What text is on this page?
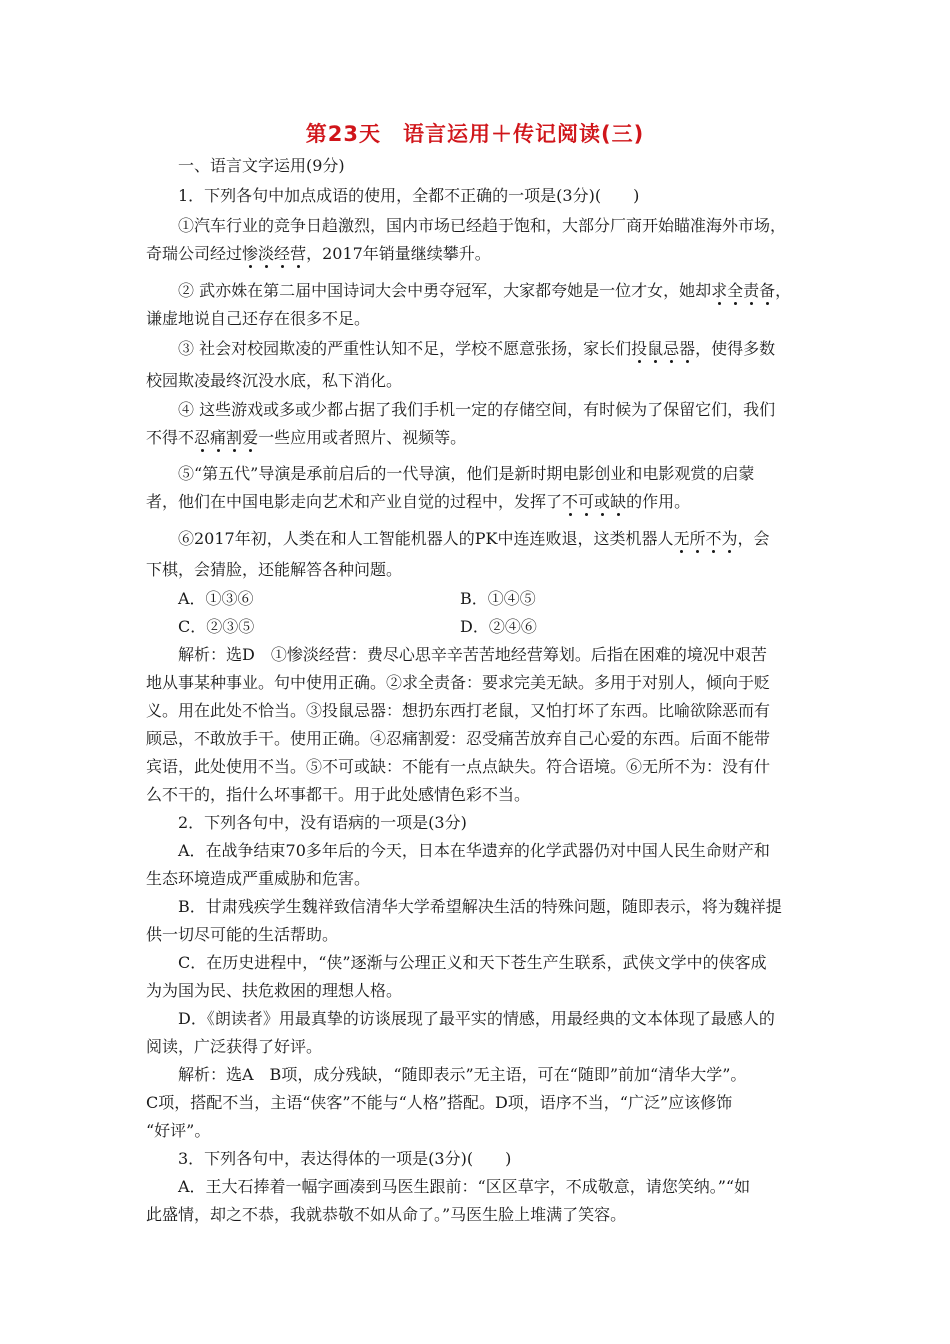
第23天 语言运用＋传记阅读(三)
一、语言文字运用(9分)
1．下列各句中加点成语的使用，全都不正确的一项是(3分)(　　)
①汽车行业的竞争日趋激烈，国内市场已经趋于饱和，大部分厂商开始瞄准海外市场，
奇瑞公司经过惨淡经营，2017年销量继续攀升。
② 武亦姝在第二届中国诗词大会中勇夺冠军，大家都夸她是一位才女，她却求全责备，
谦虚地说自己还存在很多不足。
③ 社会对校园欺凌的严重性认知不足，学校不愿意张扬，家长们投鼠忌器，使得多数
校园欺凌最终沉没水底，私下消化。
④ 这些游戏或多或少都占据了我们手机一定的存储空间，有时候为了保留它们，我们
不得不忍痛割爱一些应用或者照片、视频等。
⑤“第五代”导演是承前启后的一代导演，他们是新时期电影创业和电影观赏的启蒙
者，他们在中国电影走向艺术和产业自觉的过程中，发挥了不可或缺的作用。
⑥2017年初，人类在和人工智能机器人的PK中连连败退，这类机器人无所不为，会
下棋，会猜脸，还能解答各种问题。
A．①③⑥	B．①④⑤
C．②③⑤	D．②④⑥
解析：选D　①惨淡经营：费尽心思辛辛苦苦地经营筹划。后指在困难的境况中艰苦
地从事某种事业。句中使用正确。②求全责备：要求完美无缺。多用于对别人，倾向于贬
义。用在此处不恰当。③投鼠忌器：想扔东西打老鼠，又怕打坏了东西。比喻欲除恶而有
顾忌，不敢放手干。使用正确。④忍痛割爱：忍受痛苦放弃自己心爱的东西。后面不能带
宾语，此处使用不当。⑤不可或缺：不能有一点点缺失。符合语境。⑥无所不为：没有什
么不干的，指什么坏事都干。用于此处感情色彩不当。
2．下列各句中，没有语病的一项是(3分)
A．在战争结束70多年后的今天，日本在华遗弃的化学武器仍对中国人民生命财产和
生态环境造成严重威胁和危害。
B．甘肃残疾学生魏祥致信清华大学希望解决生活的特殊问题，随即表示，将为魏祥提
供一切尽可能的生活帮助。
C．在历史进程中，“侠”逐渐与公理正义和天下苍生产生联系，武侠文学中的侠客成
为为国为民、扶危救困的理想人格。
D．《朗读者》用最真挚的访谈展现了最平实的情感，用最经典的文本体现了最感人的
阅读，广泛获得了好评。
解析：选A　B项，成分残缺，“随即表示”无主语，可在“随即”前加“清华大学”。
C项，搭配不当，主语“侠客”不能与“人格”搭配。D项，语序不当，“广泛”应该修饰
“好评”。
3．下列各句中，表达得体的一项是(3分)(　　)
A．王大石捧着一幅字画凑到马医生跟前：“区区草字，不成敬意，请您笑纳。”“如
此盛情，却之不恭，我就恭敬不如从命了。”马医生脸上堆满了笑容。
